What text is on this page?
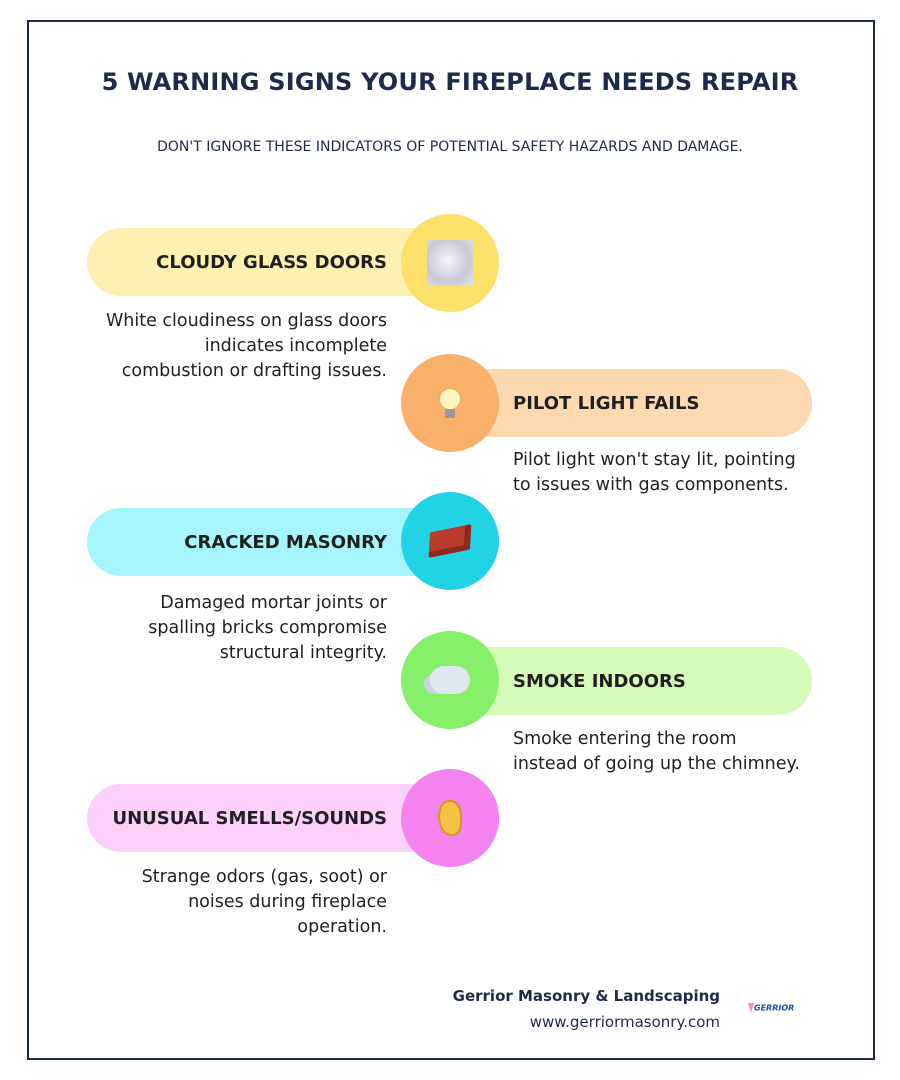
5 WARNING SIGNS YOUR FIREPLACE NEEDS REPAIR
DON'T IGNORE THESE INDICATORS OF POTENTIAL SAFETY HAZARDS AND DAMAGE.
CLOUDY GLASS DOORS
White cloudiness on glass doors indicates incomplete combustion or drafting issues.
PILOT LIGHT FAILS
Pilot light won't stay lit, pointing to issues with gas components.
CRACKED MASONRY
Damaged mortar joints or spalling bricks compromise structural integrity.
SMOKE INDOORS
Smoke entering the room instead of going up the chimney.
UNUSUAL SMELLS/SOUNDS
Strange odors (gas, soot) or noises during fireplace operation.
Gerrior Masonry & Landscaping
www.gerriormasonry.com
GERRIOR
